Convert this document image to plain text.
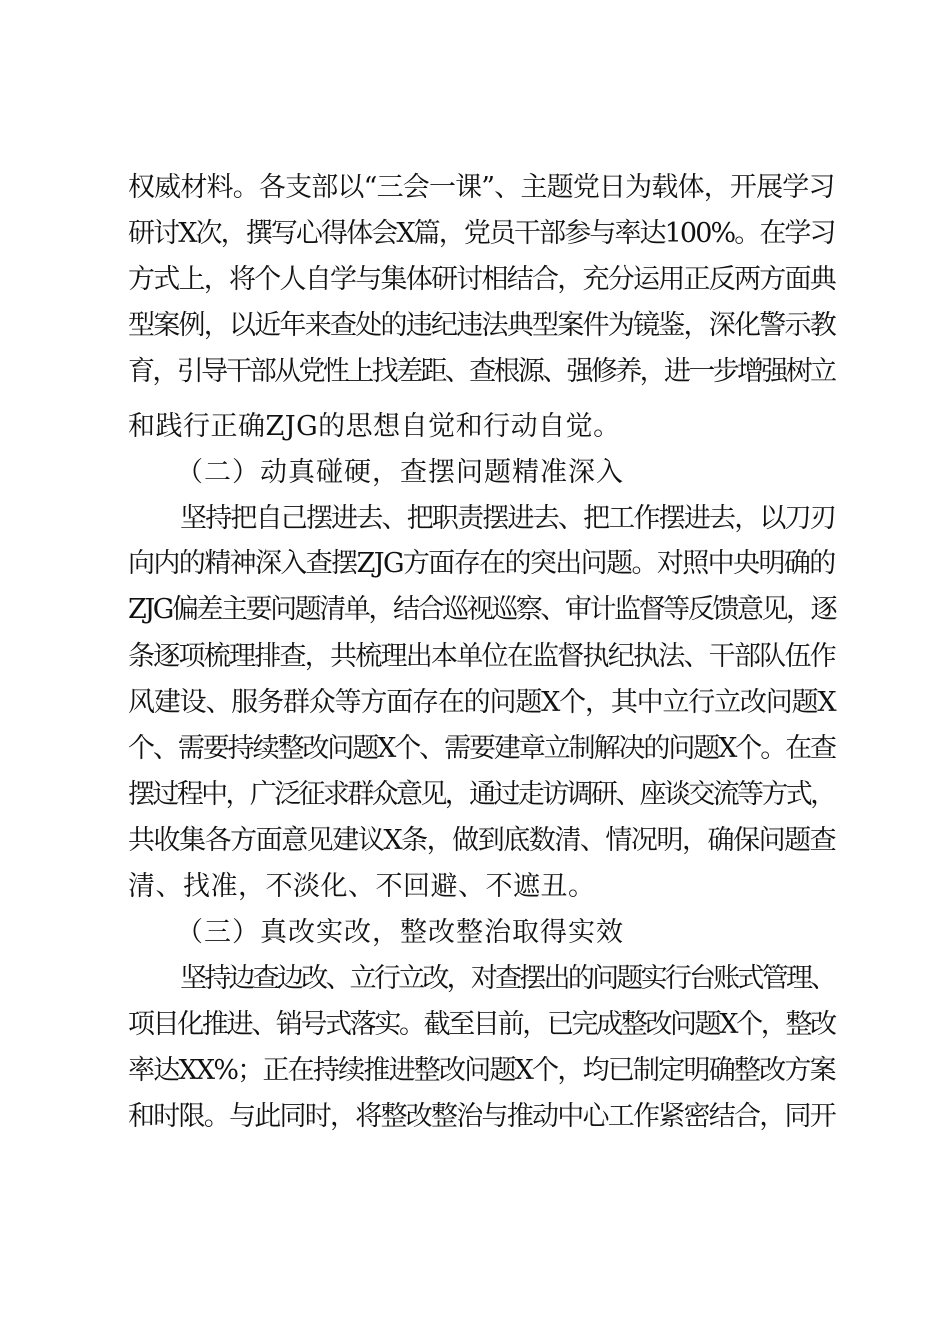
权威材料。各支部以“三会一课”、主题党日为载体，开展学习
研讨X次，撰写心得体会X篇，党员干部参与率达100%。在学习
方式上，将个人自学与集体研讨相结合，充分运用正反两方面典
型案例，以近年来查处的违纪违法典型案件为镜鉴，深化警示教
育，引导干部从党性上找差距、查根源、强修养，进一步增强树立
和践行正确ZJG的思想自觉和行动自觉。
（二）动真碰硬，查摆问题精准深入
坚持把自己摆进去、把职责摆进去、把工作摆进去，以刀刃
向内的精神深入查摆ZJG方面存在的突出问题。对照中央明确的
ZJG偏差主要问题清单，结合巡视巡察、审计监督等反馈意见，逐
条逐项梳理排查，共梳理出本单位在监督执纪执法、干部队伍作
风建设、服务群众等方面存在的问题X个，其中立行立改问题X
个、需要持续整改问题X个、需要建章立制解决的问题X个。在查
摆过程中，广泛征求群众意见，通过走访调研、座谈交流等方式，
共收集各方面意见建议X条，做到底数清、情况明，确保问题查
清、找准，不淡化、不回避、不遮丑。
（三）真改实改，整改整治取得实效
坚持边查边改、立行立改，对查摆出的问题实行台账式管理、
项目化推进、销号式落实。截至目前，已完成整改问题X个，整改
率达XX%；正在持续推进整改问题X个，均已制定明确整改方案
和时限。与此同时，将整改整治与推动中心工作紧密结合，同开
